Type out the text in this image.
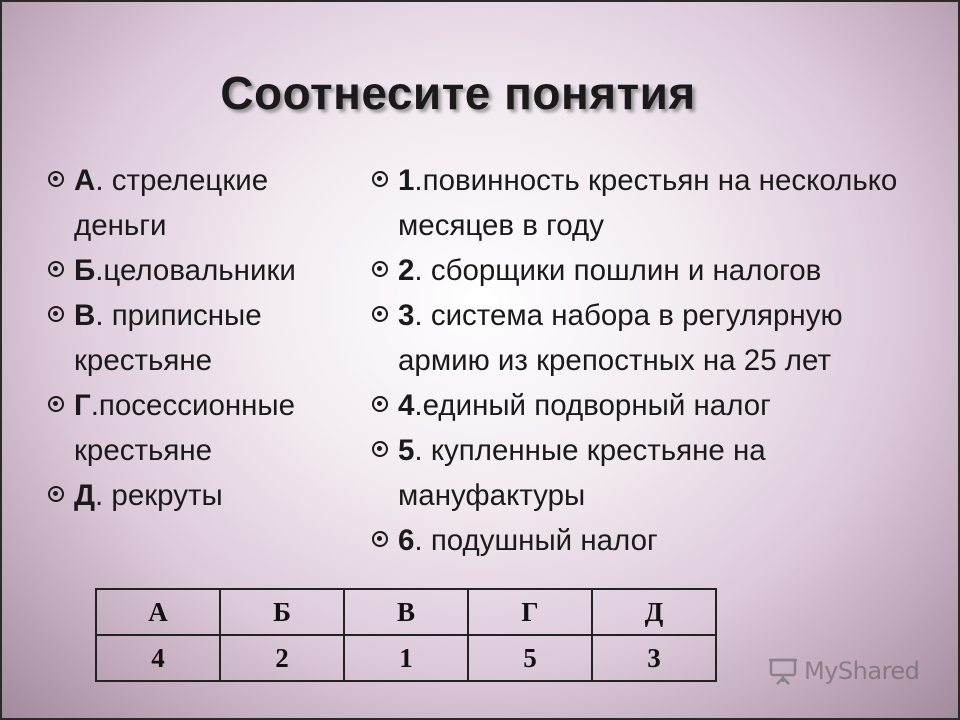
Соотнесите понятия
А. стрелецкие деньги
Б.целовальники
В. приписные крестьяне
Г.посессионные крестьяне
Д. рекруты
1.повинность крестьян на несколько месяцев в году
2. сборщики пошлин и налогов
3. система набора в регулярную армию из крепостных на 25 лет
4.единый подворный налог
5. купленные крестьяне на мануфактуры
6. подушный налог
А	Б	В	Г	Д
4	2	1	5	3	MyShared
